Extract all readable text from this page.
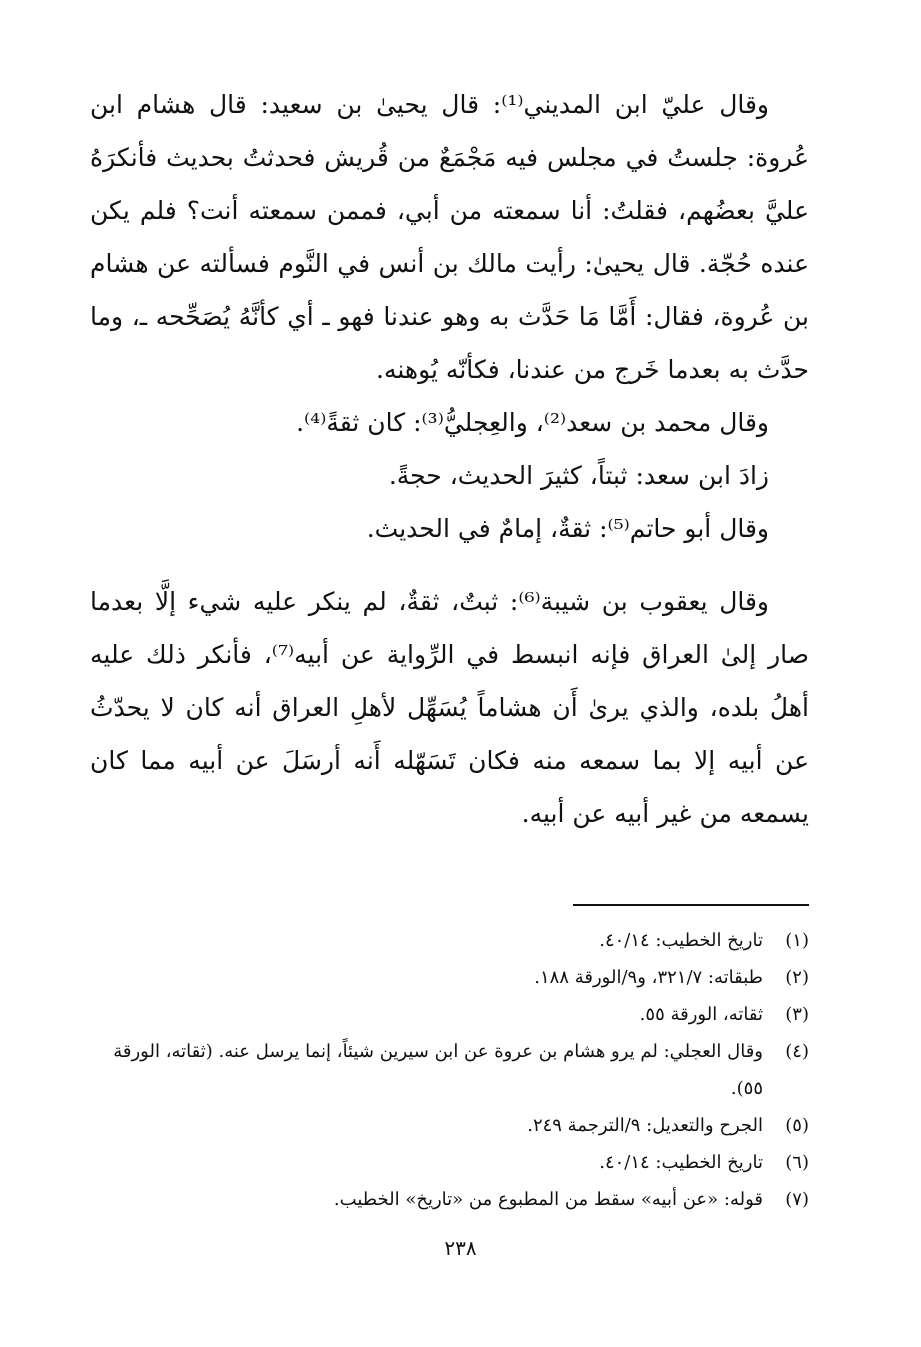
وقال عليّ ابن المديني⁽¹⁾: قال يحيىٰ بن سعيد: قال هشام ابن عُروة: جلستُ في مجلس فيه مَجْمَعٌ من قُريش فحدثتُ بحديث فأنكرَهُ عليَّ بعضُهم، فقلتُ: أنا سمعته من أبي، فممن سمعته أنت؟ فلم يكن عنده حُجّة. قال يحيىٰ: رأيت مالك بن أنس في النَّوم فسألته عن هشام بن عُروة، فقال: أَمَّا مَا حَدَّث به وهو عندنا فهو ـ أي كأنَّهُ يُصَحِّحه ـ، وما حدَّث به بعدما خَرج من عندنا، فكأنّه يُوهنه.

وقال محمد بن سعد⁽²⁾، والعِجليُّ⁽³⁾: كان ثقةً⁽⁴⁾.

زادَ ابن سعد: ثبتاً، كثيرَ الحديث، حجةً.

وقال أبو حاتم⁽⁵⁾: ثقةٌ، إمامٌ في الحديث.

وقال يعقوب بن شيبة⁽⁶⁾: ثبتٌ، ثقةٌ، لم ينكر عليه شيء إلَّا بعدما صار إلىٰ العراق فإنه انبسط في الرِّواية عن أبيه⁽⁷⁾، فأنكر ذلك عليه أهلُ بلده، والذي يرىٰ أَن هشاماً يُسَهِّل لأهلِ العراق أنه كان لا يحدّثُ عن أبيه إلا بما سمعه منه فكان تَسَهّله أَنه أرسَلَ عن أبيه مما كان يسمعه من غير أبيه عن أبيه.

(١)
تاريخ الخطيب: ٤٠/١٤.
(٢)
طبقاته: ٣٢١/٧، و٩/الورقة ١٨٨.
(٣)
ثقاته، الورقة ٥٥.
(٤)
وقال العجلي: لم يرو هشام بن عروة عن ابن سيرين شيئاً، إنما يرسل عنه. (ثقاته، الورقة ٥٥).
(٥)
الجرح والتعديل: ٩/الترجمة ٢٤٩.
(٦)
تاريخ الخطيب: ٤٠/١٤.
(٧)
قوله: «عن أبيه» سقط من المطبوع من «تاريخ» الخطيب.
٢٣٨
